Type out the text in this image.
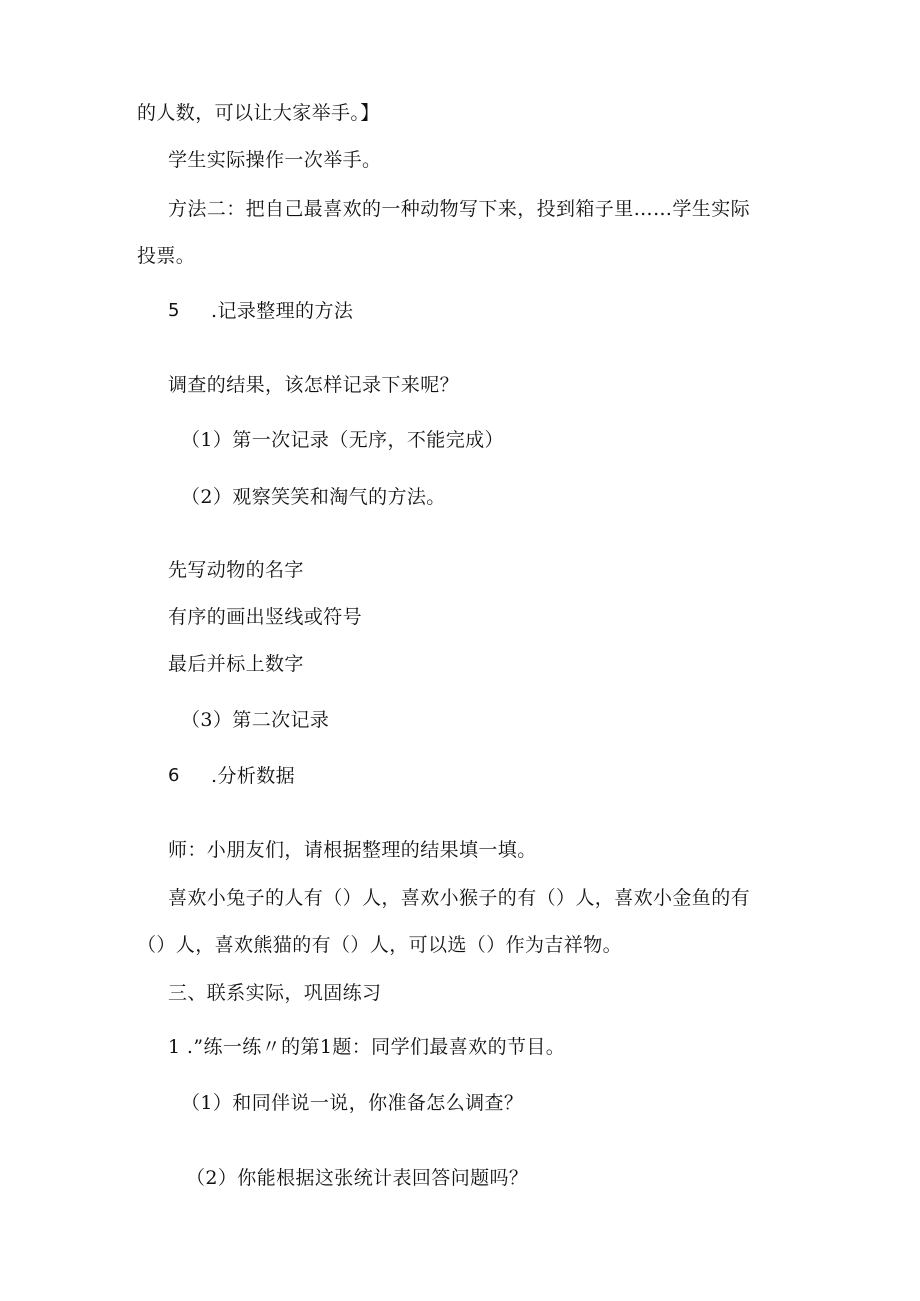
的人数，可以让大家举手。】
学生实际操作一次举手。
方法二：把自己最喜欢的一种动物写下来，投到箱子里……学生实际
投票。
5 .记录整理的方法
调查的结果，该怎样记录下来呢？
（1）第一次记录（无序，不能完成）
（2）观察笑笑和淘气的方法。
先写动物的名字
有序的画出竖线或符号
最后并标上数字
（3）第二次记录
6 .分析数据
师：小朋友们，请根据整理的结果填一填。
喜欢小兔子的人有（）人，喜欢小猴子的有（）人，喜欢小金鱼的有
（）人，喜欢熊猫的有（）人，可以选（）作为吉祥物。
三、联系实际，巩固练习
1 .”练一练〃的第1题：同学们最喜欢的节目。
（1）和同伴说一说，你准备怎么调查？
（2）你能根据这张统计表回答问题吗？
